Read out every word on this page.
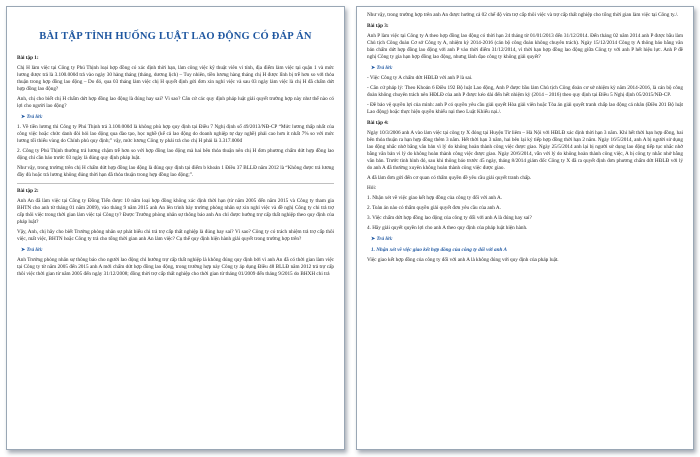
BÀI TẬP TÌNH HUỐNG LUẬT LAO ĐỘNG CÓ ĐÁP ÁN
Bài tập 1:

Chị H làm việc tại Công ty Phú Thịnh loại hợp đồng có xác định thời hạn, làm công việc kỹ thuật viên vi tính, địa điểm làm việc tại quận 1 và mức lương được trả là 3.100.000đ trả vào ngày 30 hàng tháng (tháng, dương lịch) – Tuy nhiên, tiền lương hàng tháng chị H được lĩnh bị trễ hơn so với thỏa thuận trong hợp đồng lao động – Do đó, qua 03 tháng làm việc chị H quyết định gửi đơn xin nghỉ việc và sau 03 ngày làm việc là chị H đã chấm dứt hợp đồng lao động?

Anh, chị cho biết chị H chấm dứt hợp đồng lao động là đúng hay sai? Vì sao? Căn cứ các quy định pháp luật giải quyết trường hợp này như thế nào có lợi cho người lao động?

➤ Trả lời:

1. Về tiền lương thì Công ty Phú Thịnh trả 3.100.000đ là không phù hợp quy định tại Điều 7 Nghị định số 49/2013/NĐ-CP “Mức lương thấp nhất của công việc hoặc chức danh đòi hỏi lao động qua đào tạo, học nghề (kể cả lao động do doanh nghiệp tự dạy nghề) phải cao hơn ít nhất 7% so với mức lương tối thiểu vùng do Chính phủ quy định;” vậy, mức lương Công ty phải trả cho chị H phải là 3.317.000đ

2. Công ty Phú Thịnh thường trả lương chậm trễ hơn so với hợp đồng lao động mà hai bên thỏa thuận nên chị H đơn phương chấm dứt hợp đồng lao động chỉ cần báo trước 03 ngày là đúng quy định pháp luật.

Như vậy, trong trường trên chị H chấm dứt hợp đồng lao động là đúng quy định tại điểm b khoản 1 Điều 37 BLLĐ năm 2012 là “Không được trả lương đầy đủ hoặc trả lương không đúng thời hạn đã thỏa thuận trong hợp đồng lao động;”.

Bài tập 2:

Anh An đã làm việc tại Công ty Đồng Tiến được 10 năm loại hợp đồng không xác định thời hạn (từ năm 2005 đến năm 2015 và Công ty tham gia BHTN cho anh từ tháng 01 năm 2009), vào tháng 9 năm 2015 anh An lên trình bày trường phòng nhân sự xin nghỉ việc và đề nghị Công ty chi trả trợ cấp thôi việc trong thời gian làm việc tại Công ty? Được Trưởng phòng nhân sự thông báo anh An chỉ được hưởng trợ cấp thất nghiệp theo quy định của pháp luật?

Vậy, Anh, chị hãy cho biết Trưởng phòng nhân sự phát biểu chi trả trợ cấp thất nghiệp là đúng hay sai? Vì sao? Công ty có trách nhiệm trả trợ cấp thôi việc, mất việc, BHTN hoặc Công ty trả cho tổng thời gian anh An làm việc? Cụ thể quy định hiện hành giải quyết trong trường hợp trên?

➤ Trả lời:

Anh Trưởng phòng nhân sự thông báo cho người lao động chỉ hưởng trợ cấp thất nghiệp là không đúng quy định bởi vì anh An đã có thời gian làm việc tại Công ty từ năm 2005 đến 2015 anh A mới chấm dứt hợp đồng lao động, trong trường hợp này Công ty áp dụng Điều 48 BLLĐ năm 2012 trả trợ cấp thôi việc thời gian từ năm 2005 đến ngày 31/12/2008; đồng thời trợ cấp thất nghiệp cho thời gian từ tháng 01/2009 đến tháng 9/2015 do BHXH chi trả

Như vậy, trong trường hợp trên anh An được hưởng cả 02 chế độ vừa trợ cấp thôi việc và trợ cấp thất nghiệp cho tổng thời gian làm việc tại Công ty./.

Bài tập 3:

Anh P làm việc tại Công ty A theo hợp đồng lao động có thời hạn 24 tháng từ 01/01/2013 đến 31/12/2014. Đến tháng 02 năm 2014 anh P được bầu làm Chủ tịch Công đoàn Cơ sở Công ty A, nhiệm kỳ 2014-2016 (cán bộ công đoàn không chuyên trách). Ngày 15/12/2014 Công ty A thông báo bằng văn bản chấm dứt hợp đồng lao động với anh P vào thời điểm 31/12/2014, vì thời hạn hợp đồng lao động giữa Công ty với anh P hết hiệu lực. Anh P đề nghị Công ty gia hạn hợp đồng lao động, nhưng lãnh đạo công ty không giải quyết?

➤ Trả lời:

- Việc Công ty A chấm dứt HĐLĐ với anh P là sai.

- Căn cứ pháp lý: Theo Khoản 6 Điều 192 Bộ luật Lao động, Anh P được bầu làm Chủ tịch Công đoàn cơ sở nhiệm kỳ năm 2014-2016, là cán bộ công đoàn không chuyên trách nên HĐLĐ của anh P được kéo dài đến hết nhiệm kỳ (2014 – 2016) theo quy định tại Điều 5 Nghị định 05/2015/NĐ-CP.

- Đề bảo vệ quyền lợi của mình: anh P có quyền yêu cầu giải quyết Hòa giải viên hoặc Tòa án giải quyết tranh chấp lao động cá nhân (Điều 201 Bộ luật Lao động) hoặc thực hiện quyền khiếu nại theo Luật Khiếu nại./.

Bài tập 4:

Ngày 10/3/2006 anh A vào làm việc tại công ty X đóng tại Huyện Từ liêm – Hà Nội với HĐLĐ xác định thời hạn 3 năm. Khi hết thời hạn hợp đồng, hai bên thỏa thuận ra hạn hợp đồng thêm 3 năm. Hết thời hạn 3 năm, hai bên lại ký tiếp hợp đồng thời hạn 2 năm. Ngày 16/5/2014, anh A bị người sử dụng lao động nhắc nhở bằng văn bản vì lý do không hoàn thành công việc được giao. Ngày 25/5/2014 anh lại bị người sử dụng lao động tiếp tục nhắc nhở bằng văn bản vì lý do không hoàn thành công việc được giao. Ngày 20/6/2014, vẫn với lý do không hoàn thành công việc, A bị công ty nhắc nhở bằng văn bản. Trước tình hình đó, sau khi thông báo trước 45 ngày, tháng 8/2014 giám đốc Công ty X đã ra quyết định đơn phương chấm dứt HĐLĐ với lý do anh A đã thường xuyên không hoàn thành công việc được giao.

A đã làm đơn gửi đến cơ quan có thẩm quyền đề yêu cầu giải quyết tranh chấp.

Hỏi:

1. Nhận xét về việc giao kết hợp đồng của công ty đối với anh A.

2. Toàn án nào có thẩm quyền giải quyết đơn yêu cầu của anh A.

3. Việc chấm dứt hợp đồng lao động của công ty đối với anh A là đúng hay sai?

4. Hãy giải quyết quyền lợi cho anh A theo quy định của pháp luật hiện hành.

➤ Trả lời:
1. Nhận xét về việc giao kết hợp đồng của công ty đối với anh A

Việc giao kết hợp đồng của công ty đối với anh A là không đúng với quy định của pháp luật.
